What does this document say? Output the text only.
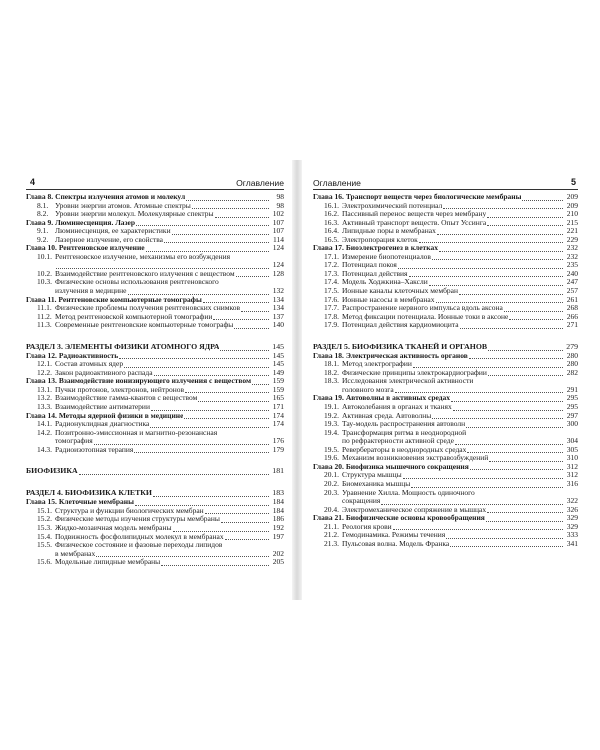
4	Оглавление
Глава 8. Спектры излучения атомов и молекул	98
8.1. Уровни энергии атомов. Атомные спектры	98
8.2. Уровни энергии молекул. Молекулярные спектры	102
Глава 9. Люминесценция. Лазер	107
9.1. Люминесценция, ее характеристики	107
9.2. Лазерное излучение, его свойства	114
Глава 10. Рентгеновское излучение	124
10.1. Рентгеновское излучение, механизмы его возбуждения
124
10.2. Взаимодействие рентгеновского излучения с веществом	128
10.3. Физические основы использования рентгеновского
излучения в медицине	132
Глава 11. Рентгеновские компьютерные томографы	134
11.1. Физические проблемы получения рентгеновских снимков	134
11.2. Метод рентгеновской компьютерной томографии	137
11.3. Современные рентгеновские компьютерные томографы	140
РАЗДЕЛ 3. ЭЛЕМЕНТЫ ФИЗИКИ АТОМНОГО ЯДРА	145
Глава 12. Радиоактивность	145
12.1. Состав атомных ядер	145
12.2. Закон радиоактивного распада	149
Глава 13. Взаимодействие ионизирующего излучения с веществом	159
13.1. Пучки протонов, электронов, нейтронов	159
13.2. Взаимодействие гамма-квантов с веществом	165
13.3. Взаимодействие антиматерии	171
Глава 14. Методы ядерной физики в медицине	174
14.1. Радионуклидная диагностика	174
14.2. Позитронно-эмиссионная и магнитно-резонансная
томография	176
14.3. Радиоизотопная терапия	179
БИОФИЗИКА	181
РАЗДЕЛ 4. БИОФИЗИКА КЛЕТКИ	183
Глава 15. Клеточные мембраны	184
15.1. Структура и функции биологических мембран	184
15.2. Физические методы изучения структуры мембраны	186
15.3. Жидко-мозаичная модель мембраны	192
15.4. Подвижность фосфолипидных молекул в мембранах	197
15.5. Физическое состояние и фазовые переходы липидов
в мембранах	202
15.6. Модельные липидные мембраны	205
Оглавление	5
Глава 16. Транспорт веществ через биологические мембраны	209
16.1. Электрохимический потенциал	209
16.2. Пассивный перенос веществ через мембрану	210
16.3. Активный транспорт веществ. Опыт Уссинга	215
16.4. Липидные поры в мембранах	221
16.5. Электропорация клеток	229
Глава 17. Биоэлектрогенез в клетках	232
17.1. Измерение биопотенциалов	232
17.2. Потенциал покоя	235
17.3. Потенциал действия	240
17.4. Модель Ходжкина–Хаксли	247
17.5. Ионные каналы клеточных мембран	257
17.6. Ионные насосы в мембранах	261
17.7. Распространение нервного импульса вдоль аксона	268
17.8. Метод фиксации потенциала. Ионные токи в аксоне	266
17.9. Потенциал действия кардиомиоцита	271
РАЗДЕЛ 5. БИОФИЗИКА ТКАНЕЙ И ОРГАНОВ	279
Глава 18. Электрическая активность органов	280
18.1. Метод электрографии	280
18.2. Физические принципы электрокардиографии	282
18.3. Исследования электрической активности
головного мозга	291
Глава 19. Автоволны в активных средах	295
19.1. Автоколебания в органах и тканях	295
19.2. Активная среда. Автоволны	297
19.3. Тау-модель распространения автоволн	300
19.4. Трансформация ритма в неоднородной
по рефрактерности активной среде	304
19.5. Ревербераторы в неоднородных средах	305
19.6. Механизм возникновения экстравозбуждений	310
Глава 20. Биофизика мышечного сокращения	312
20.1. Структура мышцы	312
20.2. Биомеханика мышцы	316
20.3. Уравнение Хилла. Мощность одиночного
сокращения	322
20.4. Электромеханическое сопряжение в мышцах	326
Глава 21. Биофизические основы кровообращения	329
21.1. Реология крови	329
21.2. Гемодинамика. Режимы течения	333
21.3. Пульсовая волна. Модель Франка	341
